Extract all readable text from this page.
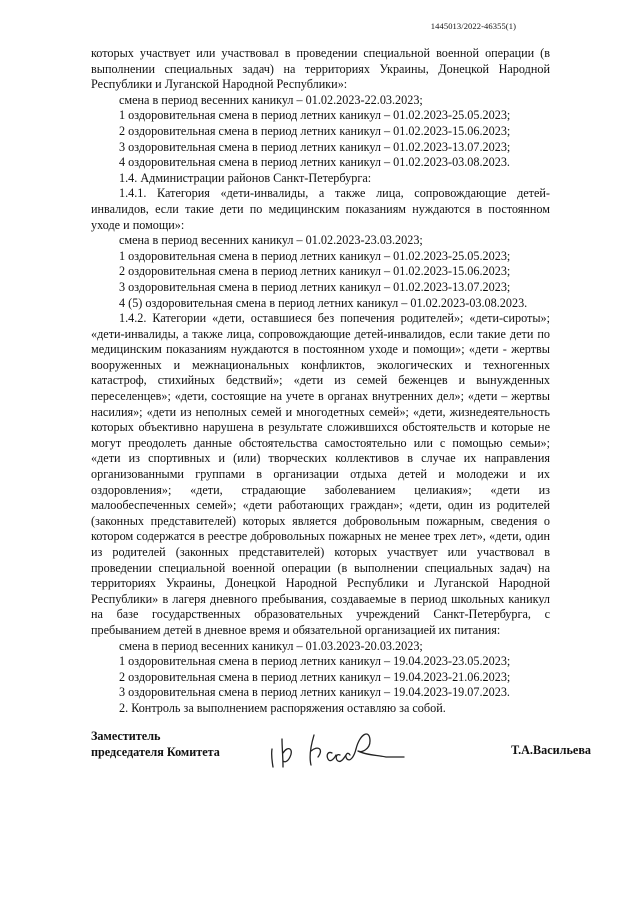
1445013/2022-46355(1)

которых участвует или участвовал в проведении специальной военной операции (в выполнении специальных задач) на территориях Украины, Донецкой Народной Республики и Луганской Народной Республики»:

смена в период весенних каникул – 01.02.2023-22.03.2023;

1 оздоровительная смена в период летних каникул – 01.02.2023-25.05.2023;

2 оздоровительная смена в период летних каникул – 01.02.2023-15.06.2023;

3 оздоровительная смена в период летних каникул – 01.02.2023-13.07.2023;

4 оздоровительная смена в период летних каникул – 01.02.2023-03.08.2023.

1.4. Администрации районов Санкт-Петербурга:

1.4.1. Категория «дети-инвалиды, а также лица, сопровождающие детей-инвалидов, если такие дети по медицинским показаниям нуждаются в постоянном уходе и помощи»:

смена в период весенних каникул – 01.02.2023-23.03.2023;

1 оздоровительная смена в период летних каникул – 01.02.2023-25.05.2023;

2 оздоровительная смена в период летних каникул – 01.02.2023-15.06.2023;

3 оздоровительная смена в период летних каникул – 01.02.2023-13.07.2023;

4 (5) оздоровительная смена в период летних каникул – 01.02.2023-03.08.2023.

1.4.2. Категории «дети, оставшиеся без попечения родителей»; «дети-сироты»; «дети-инвалиды, а также лица, сопровождающие детей-инвалидов, если такие дети по медицинским показаниям нуждаются в постоянном уходе и помощи»; «дети - жертвы вооруженных и межнациональных конфликтов, экологических и техногенных катастроф, стихийных бедствий»; «дети из семей беженцев и вынужденных переселенцев»; «дети, состоящие на учете в органах внутренних дел»; «дети – жертвы насилия»; «дети из неполных семей и многодетных семей»; «дети, жизнедеятельность которых объективно нарушена в результате сложившихся обстоятельств и которые не могут преодолеть данные обстоятельства самостоятельно или с помощью семьи»; «дети из спортивных и (или) творческих коллективов в случае их направления организованными группами в организации отдыха детей и молодежи и их оздоровления»; «дети, страдающие заболеванием целиакия»; «дети из малообеспеченных семей»; «дети работающих граждан»; «дети, один из родителей (законных представителей) которых является добровольным пожарным, сведения о котором содержатся в реестре добровольных пожарных не менее трех лет», «дети, один из родителей (законных представителей) которых участвует или участвовал в проведении специальной военной операции (в выполнении специальных задач) на территориях Украины, Донецкой Народной Республики и Луганской Народной Республики» в лагеря дневного пребывания, создаваемые в период школьных каникул на базе государственных образовательных учреждений Санкт-Петербурга, с пребыванием детей в дневное время и обязательной организацией их питания:

смена в период весенних каникул – 01.03.2023-20.03.2023;

1 оздоровительная смена в период летних каникул – 19.04.2023-23.05.2023;

2 оздоровительная смена в период летних каникул – 19.04.2023-21.06.2023;

3 оздоровительная смена в период летних каникул – 19.04.2023-19.07.2023.

2. Контроль за выполнением распоряжения оставляю за собой.

Заместитель
председателя Комитета	Т.А.Васильева
